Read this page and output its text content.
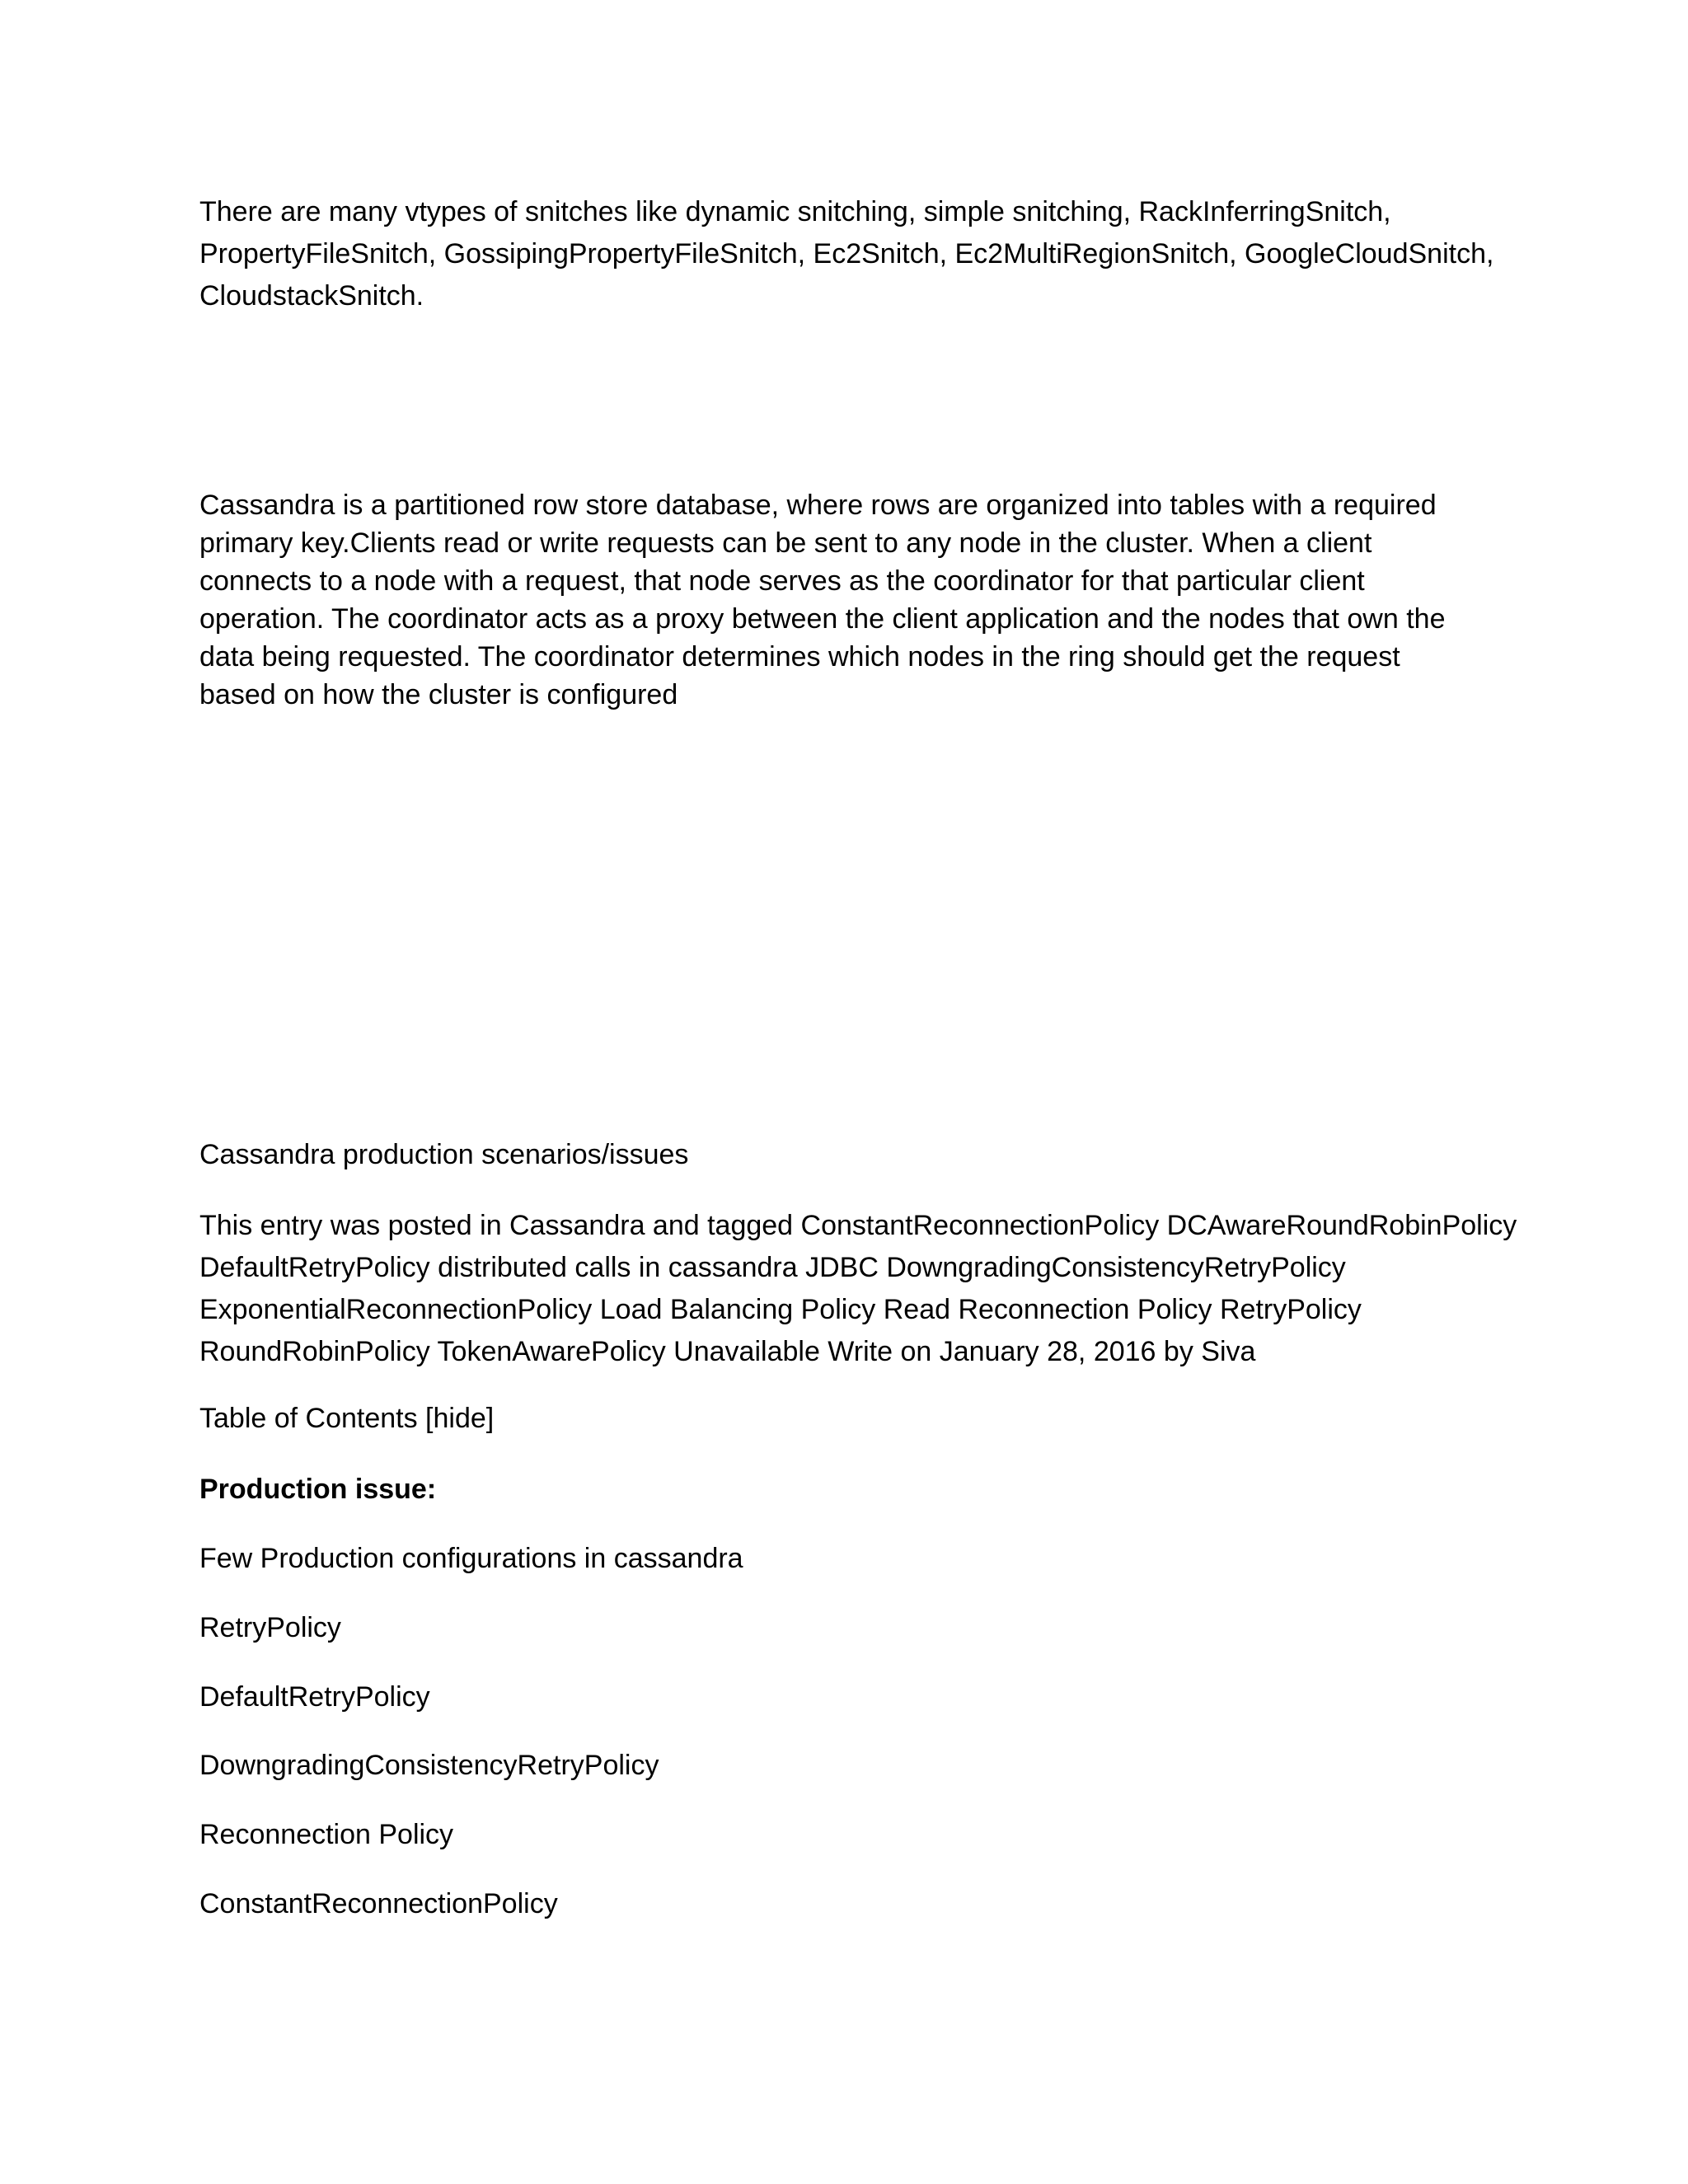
There are many vtypes of snitches like dynamic snitching, simple snitching, RackInferringSnitch,
PropertyFileSnitch, GossipingPropertyFileSnitch, Ec2Snitch, Ec2MultiRegionSnitch, GoogleCloudSnitch,
CloudstackSnitch.
Cassandra is a partitioned row store database, where rows are organized into tables with a required
primary key.Clients read or write requests can be sent to any node in the cluster. When a client
connects to a node with a request, that node serves as the coordinator for that particular client
operation. The coordinator acts as a proxy between the client application and the nodes that own the
data being requested. The coordinator determines which nodes in the ring should get the request
based on how the cluster is configured
Cassandra production scenarios/issues
This entry was posted in Cassandra and tagged ConstantReconnectionPolicy DCAwareRoundRobinPolicy
DefaultRetryPolicy distributed calls in cassandra JDBC DowngradingConsistencyRetryPolicy
ExponentialReconnectionPolicy Load Balancing Policy Read Reconnection Policy RetryPolicy
RoundRobinPolicy TokenAwarePolicy Unavailable Write on January 28, 2016 by Siva
Table of Contents [hide]
Production issue:
Few Production configurations in cassandra
RetryPolicy
DefaultRetryPolicy
DowngradingConsistencyRetryPolicy
Reconnection Policy
ConstantReconnectionPolicy
